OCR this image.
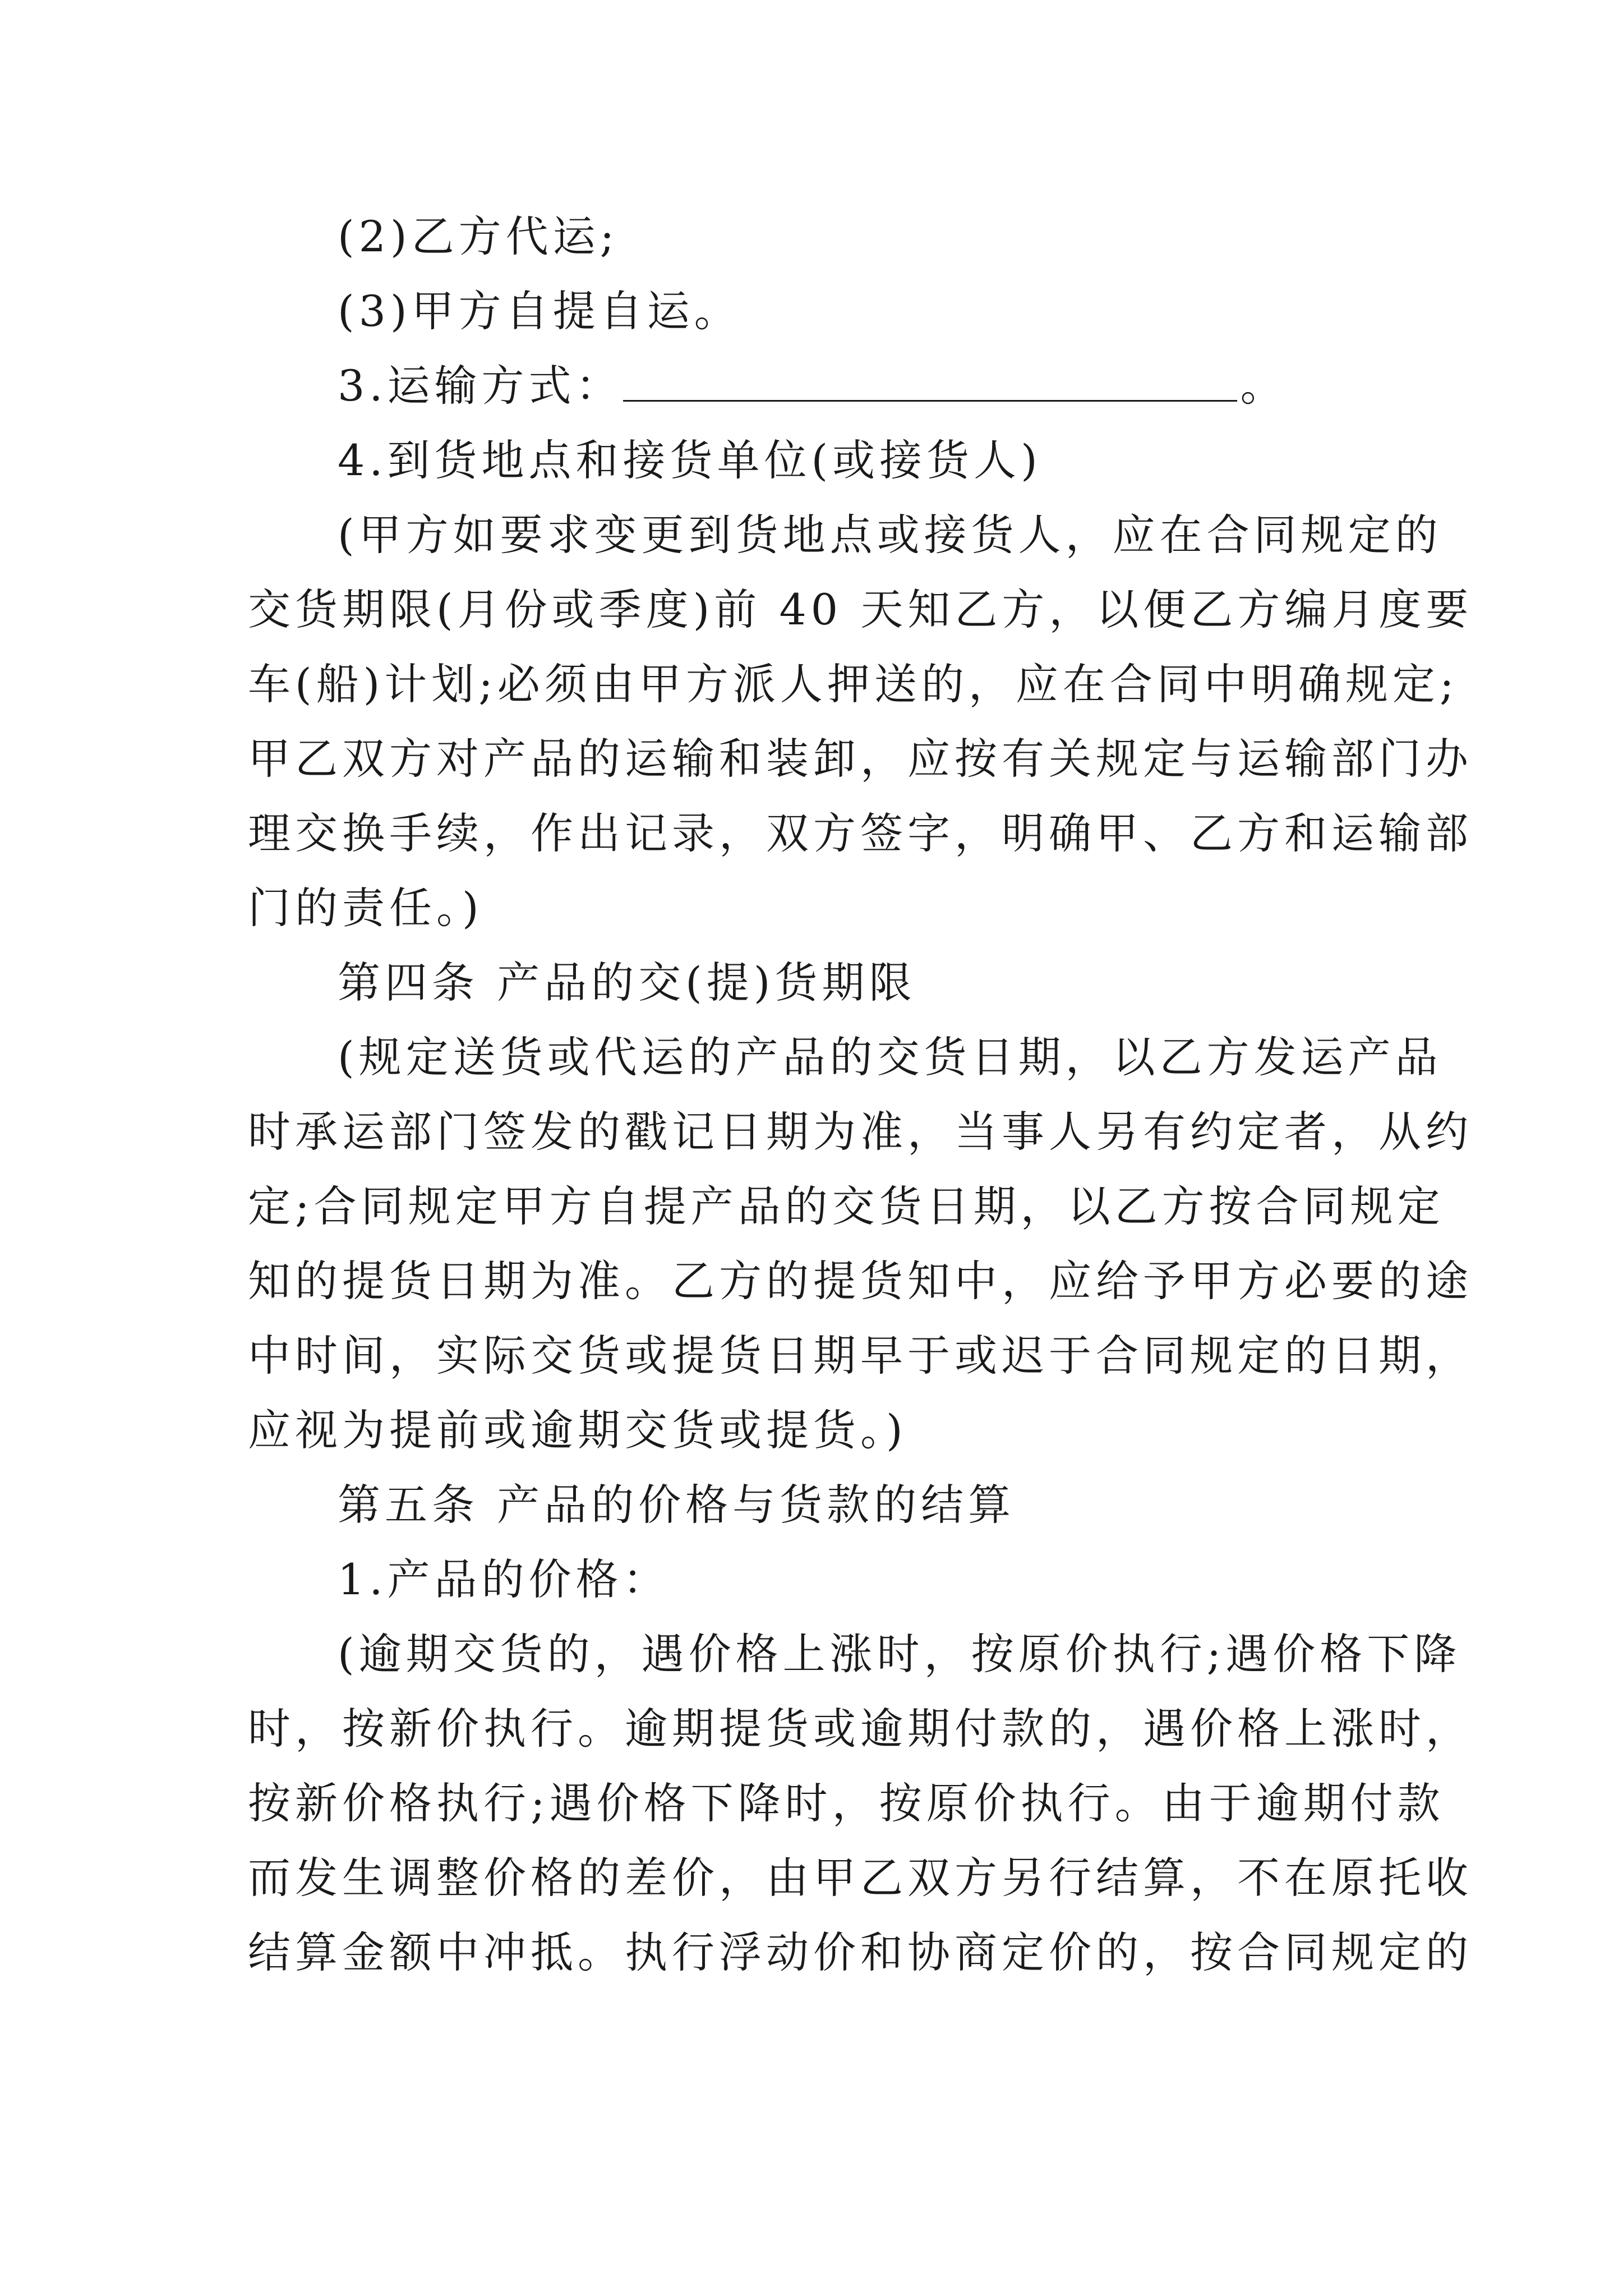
(2)乙方代运;
(3)甲方自提自运。
3.运输方式：	。
4.到货地点和接货单位(或接货人)
(甲方如要求变更到货地点或接货人，应在合同规定的
交货期限(月份或季度)前 40 天知乙方，以便乙方编月度要
车(船)计划;必须由甲方派人押送的，应在合同中明确规定;
甲乙双方对产品的运输和装卸，应按有关规定与运输部门办
理交换手续，作出记录，双方签字，明确甲、乙方和运输部
门的责任。)
第四条 产品的交(提)货期限
(规定送货或代运的产品的交货日期，以乙方发运产品
时承运部门签发的戳记日期为准，当事人另有约定者，从约
定;合同规定甲方自提产品的交货日期，以乙方按合同规定
知的提货日期为准。乙方的提货知中，应给予甲方必要的途
中时间，实际交货或提货日期早于或迟于合同规定的日期，
应视为提前或逾期交货或提货。)
第五条 产品的价格与货款的结算
1.产品的价格：
(逾期交货的，遇价格上涨时，按原价执行;遇价格下降
时，按新价执行。逾期提货或逾期付款的，遇价格上涨时，
按新价格执行;遇价格下降时，按原价执行。由于逾期付款
而发生调整价格的差价，由甲乙双方另行结算，不在原托收
结算金额中冲抵。执行浮动价和协商定价的，按合同规定的
